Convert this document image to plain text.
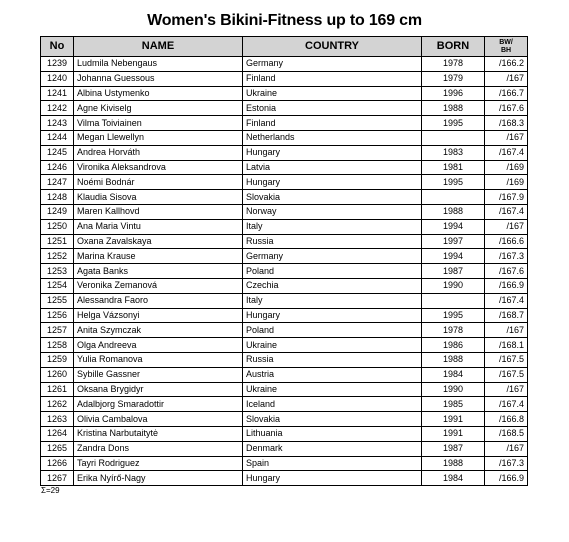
Women's Bikini-Fitness up to 169 cm
No	NAME	COUNTRY	BORN	BW/
BH
1239	Ludmila Nebengaus	Germany	1978	/166.2
1240	Johanna Guessous	Finland	1979	/167
1241	Albina Ustymenko	Ukraine	1996	/166.7
1242	Agne Kiviselg	Estonia	1988	/167.6
1243	Vilma Toiviainen	Finland	1995	/168.3
1244	Megan Llewellyn	Netherlands		/167
1245	Andrea Horváth	Hungary	1983	/167.4
1246	Vironika Aleksandrova	Latvia	1981	/169
1247	Noémi Bodnár	Hungary	1995	/169
1248	Klaudia Sisova	Slovakia		/167.9
1249	Maren Kallhovd	Norway	1988	/167.4
1250	Ana Maria Vintu	Italy	1994	/167
1251	Oxana Zavalskaya	Russia	1997	/166.6
1252	Marina Krause	Germany	1994	/167.3
1253	Agata Banks	Poland	1987	/167.6
1254	Veronika Zemanová	Czechia	1990	/166.9
1255	Alessandra Faoro	Italy		/167.4
1256	Helga Vázsonyi	Hungary	1995	/168.7
1257	Anita Szymczak	Poland	1978	/167
1258	Olga Andreeva	Ukraine	1986	/168.1
1259	Yulia Romanova	Russia	1988	/167.5
1260	Sybille Gassner	Austria	1984	/167.5
1261	Oksana Brygidyr	Ukraine	1990	/167
1262	Adalbjorg Smaradottir	Iceland	1985	/167.4
1263	Olivia Cambalova	Slovakia	1991	/166.8
1264	Kristina Narbutaitytė	Lithuania	1991	/168.5
1265	Zandra Dons	Denmark	1987	/167
1266	Tayri Rodriguez	Spain	1988	/167.3
1267	Erika Nyírő-Nagy	Hungary	1984	/166.9
Σ=29
